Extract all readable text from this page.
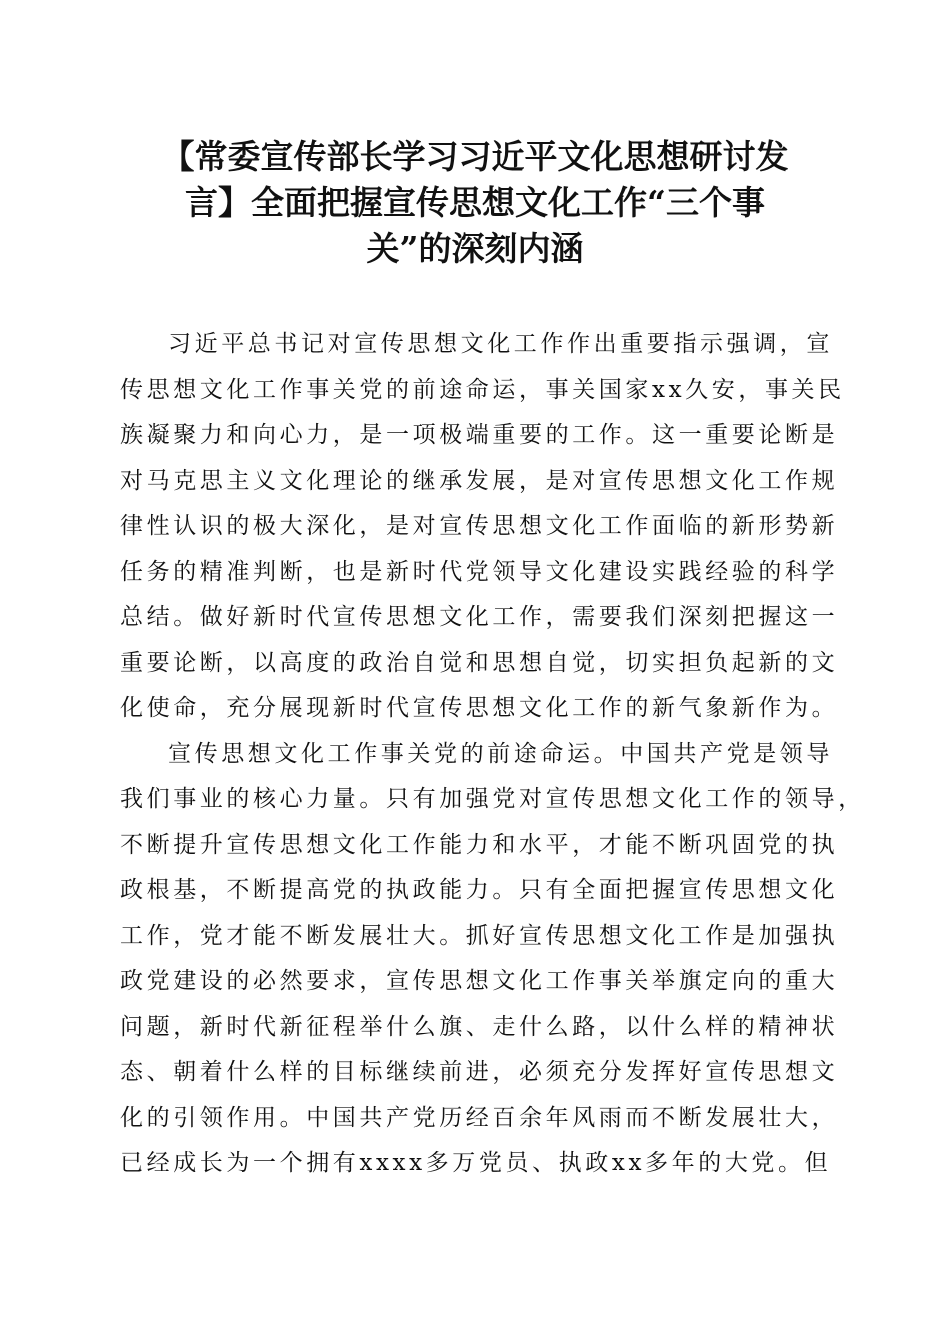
【常委宣传部长学习习近平文化思想研讨发
言】全面把握宣传思想文化工作“三个事
关”的深刻内涵
习近平总书记对宣传思想文化工作作出重要指示强调，宣
传思想文化工作事关党的前途命运，事关国家xx久安，事关民
族凝聚力和向心力，是一项极端重要的工作。这一重要论断是
对马克思主义文化理论的继承发展，是对宣传思想文化工作规
律性认识的极大深化，是对宣传思想文化工作面临的新形势新
任务的精准判断，也是新时代党领导文化建设实践经验的科学
总结。做好新时代宣传思想文化工作，需要我们深刻把握这一
重要论断，以高度的政治自觉和思想自觉，切实担负起新的文
化使命，充分展现新时代宣传思想文化工作的新气象新作为。
宣传思想文化工作事关党的前途命运。中国共产党是领导
我们事业的核心力量。只有加强党对宣传思想文化工作的领导，
不断提升宣传思想文化工作能力和水平，才能不断巩固党的执
政根基，不断提高党的执政能力。只有全面把握宣传思想文化
工作，党才能不断发展壮大。抓好宣传思想文化工作是加强执
政党建设的必然要求，宣传思想文化工作事关举旗定向的重大
问题，新时代新征程举什么旗、走什么路，以什么样的精神状
态、朝着什么样的目标继续前进，必须充分发挥好宣传思想文
化的引领作用。中国共产党历经百余年风雨而不断发展壮大，
已经成长为一个拥有xxxx多万党员、执政xx多年的大党。但
